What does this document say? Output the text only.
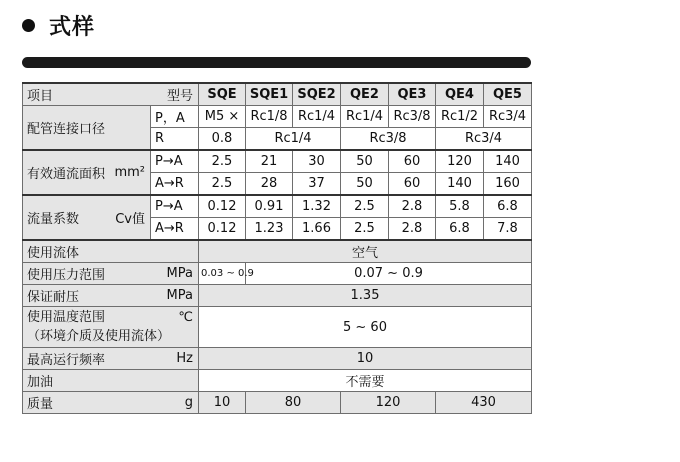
式样
项目 型号		SQE	SQE1	SQE2	QE2	QE3	QE4	QE5
配管连接口径	P，A	M5 ×	Rc1/8	Rc1/4	Rc1/4	Rc3/8	Rc1/2	Rc3/4
	R	0.8	Rc1/4		Rc3/8		Rc3/4	

有效通流面积 mm²	P→A	2.5	21	30	50	60	120	140
	A→R	2.5	28	37	50	60	140	160

流量系数 Cv值	P→A	0.12	0.91	1.32	2.5	2.8	5.8	6.8
	A→R	0.12	1.23	1.66	2.5	2.8	6.8	7.8
使用流体		空气						

使用压力范围 MPa		0.03 ~ 0.9	0.07 ~ 0.9					

保证耐压 MPa		1.35						

使用温度范围 ℃
（环境介质及使用流体）		5 ~ 60						

最高运行频率 Hz		10						
加油		不需要						

质量 g		10	80		120		430	
